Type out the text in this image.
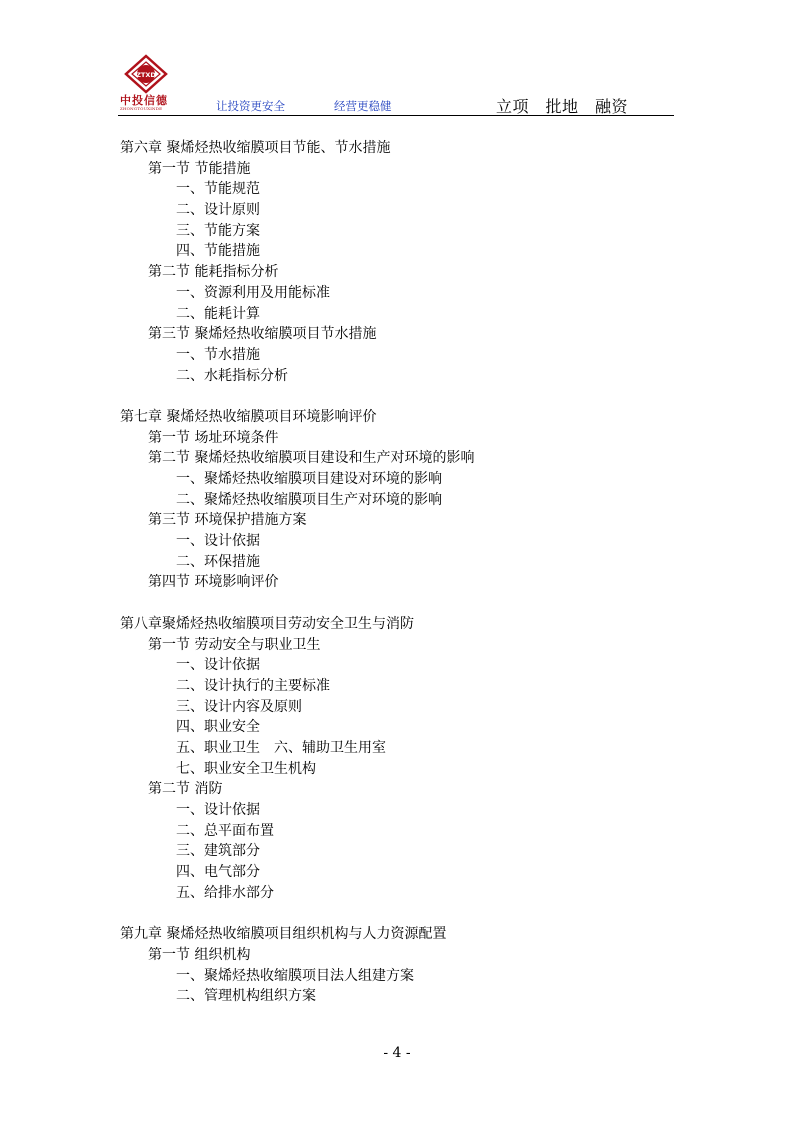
ZTXD
中投信德
ZHONGTOUXINDE	让投资更安全	经营更稳健	立项　批地　融资
第六章 聚烯烃热收缩膜项目节能、节水措施
第一节 节能措施
一、节能规范
二、设计原则
三、节能方案
四、节能措施
第二节 能耗指标分析
一、资源利用及用能标准
二、能耗计算
第三节 聚烯烃热收缩膜项目节水措施
一、节水措施
二、水耗指标分析
第七章 聚烯烃热收缩膜项目环境影响评价
第一节 场址环境条件
第二节 聚烯烃热收缩膜项目建设和生产对环境的影响
一、聚烯烃热收缩膜项目建设对环境的影响
二、聚烯烃热收缩膜项目生产对环境的影响
第三节 环境保护措施方案
一、设计依据
二、环保措施
第四节 环境影响评价
第八章聚烯烃热收缩膜项目劳动安全卫生与消防
第一节 劳动安全与职业卫生
一、设计依据
二、设计执行的主要标准
三、设计内容及原则
四、职业安全
五、职业卫生　六、辅助卫生用室
七、职业安全卫生机构
第二节 消防
一、设计依据
二、总平面布置
三、建筑部分
四、电气部分
五、给排水部分
第九章 聚烯烃热收缩膜项目组织机构与人力资源配置
第一节 组织机构
一、聚烯烃热收缩膜项目法人组建方案
二、管理机构组织方案
- 4 -
